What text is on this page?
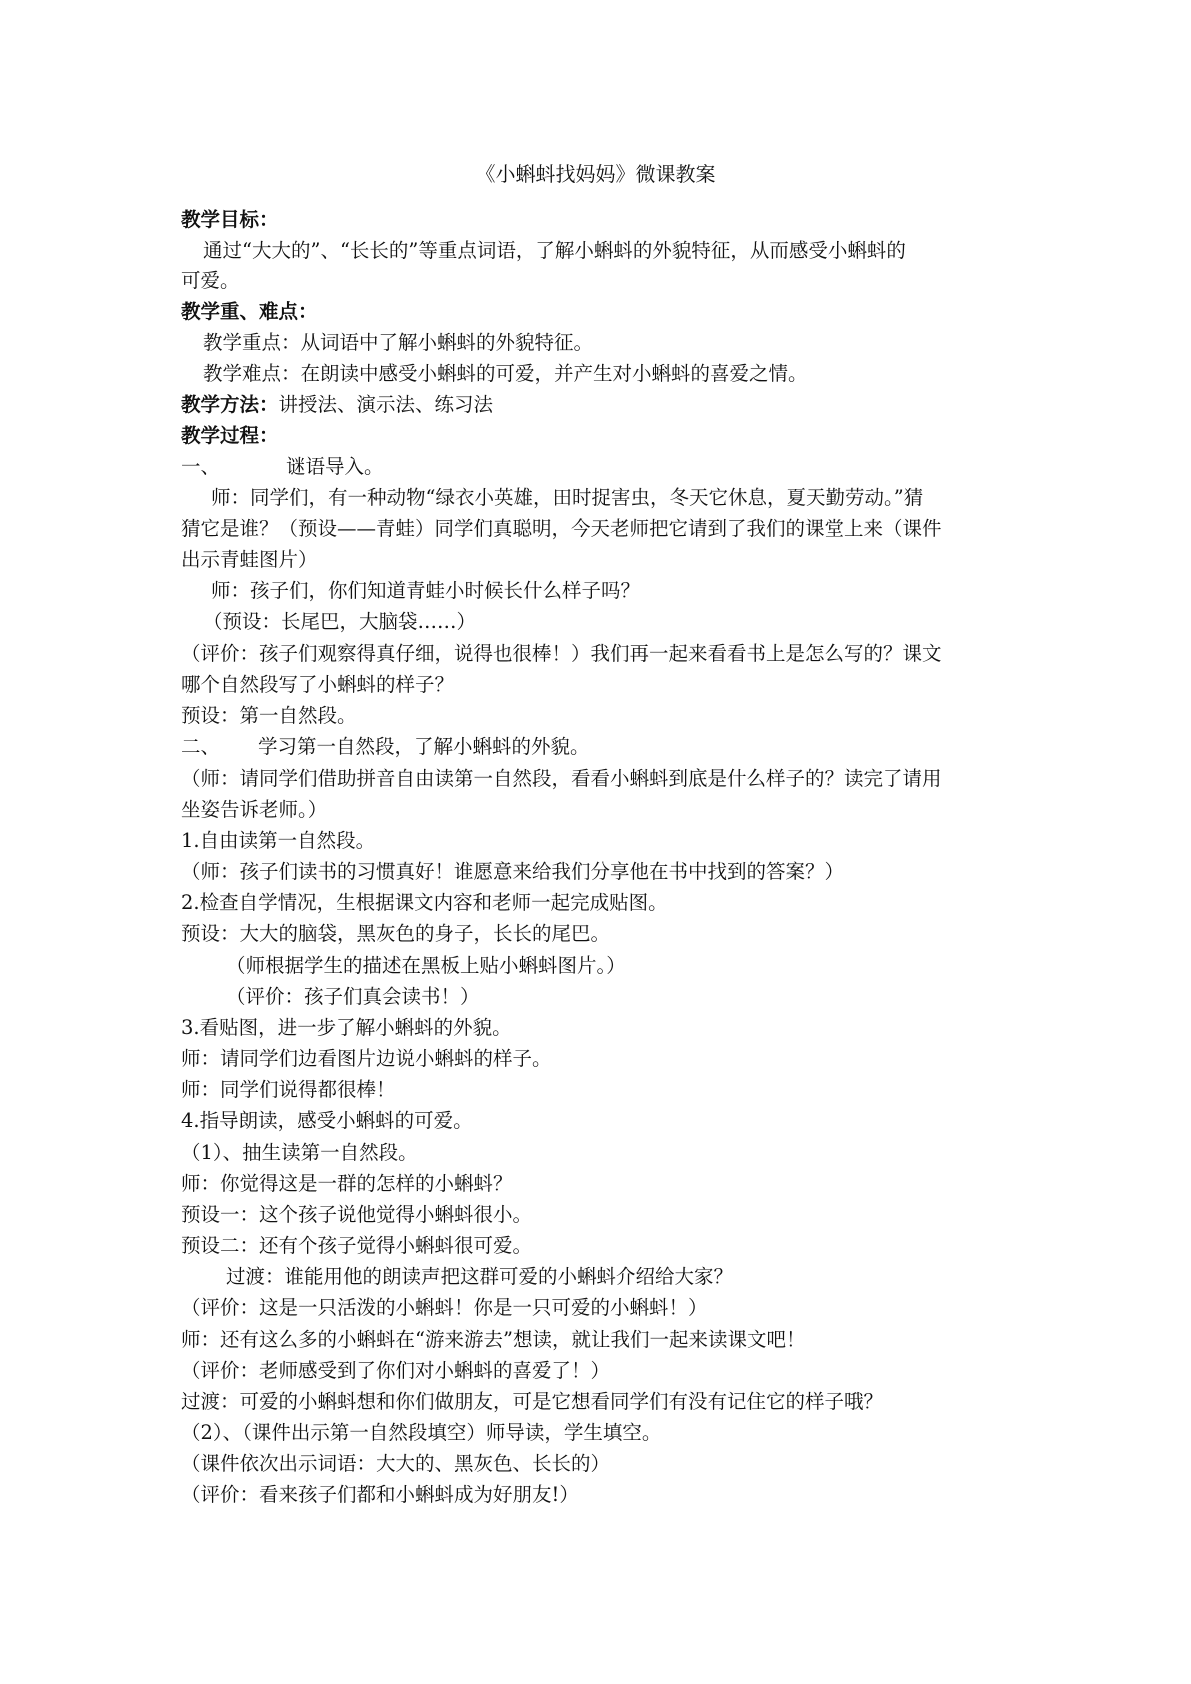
《小蝌蚪找妈妈》微课教案
教学目标：
通过“大大的”、“长长的”等重点词语，了解小蝌蚪的外貌特征，从而感受小蝌蚪的
可爱。
教学重、难点：
教学重点：从词语中了解小蝌蚪的外貌特征。
教学难点：在朗读中感受小蝌蚪的可爱，并产生对小蝌蚪的喜爱之情。
教学方法：讲授法、演示法、练习法
教学过程：
一、	谜语导入。
师：同学们，有一种动物“绿衣小英雄，田时捉害虫，冬天它休息，夏天勤劳动。”猜
猜它是谁？（预设——青蛙）同学们真聪明，今天老师把它请到了我们的课堂上来（课件
出示青蛙图片）
师：孩子们，你们知道青蛙小时候长什么样子吗？
（预设：长尾巴，大脑袋……）
（评价：孩子们观察得真仔细，说得也很棒！）我们再一起来看看书上是怎么写的？课文
哪个自然段写了小蝌蚪的样子？
预设：第一自然段。
二、 学习第一自然段，了解小蝌蚪的外貌。
（师：请同学们借助拼音自由读第一自然段，看看小蝌蚪到底是什么样子的？读完了请用
坐姿告诉老师。）
1.自由读第一自然段。
（师：孩子们读书的习惯真好！谁愿意来给我们分享他在书中找到的答案？）
2.检查自学情况，生根据课文内容和老师一起完成贴图。
预设：大大的脑袋，黑灰色的身子，长长的尾巴。
（师根据学生的描述在黑板上贴小蝌蚪图片。）
（评价：孩子们真会读书！）
3.看贴图，进一步了解小蝌蚪的外貌。
师：请同学们边看图片边说小蝌蚪的样子。
师：同学们说得都很棒！
4.指导朗读，感受小蝌蚪的可爱。
（1）、抽生读第一自然段。
师：你觉得这是一群的怎样的小蝌蚪？
预设一：这个孩子说他觉得小蝌蚪很小。
预设二：还有个孩子觉得小蝌蚪很可爱。
过渡：谁能用他的朗读声把这群可爱的小蝌蚪介绍给大家？
（评价：这是一只活泼的小蝌蚪！你是一只可爱的小蝌蚪！）
师：还有这么多的小蝌蚪在“游来游去”想读，就让我们一起来读课文吧！
（评价：老师感受到了你们对小蝌蚪的喜爱了！）
过渡：可爱的小蝌蚪想和你们做朋友，可是它想看同学们有没有记住它的样子哦？
（2）、（课件出示第一自然段填空）师导读，学生填空。
（课件依次出示词语：大大的、黑灰色、长长的）
（评价：看来孩子们都和小蝌蚪成为好朋友!）
